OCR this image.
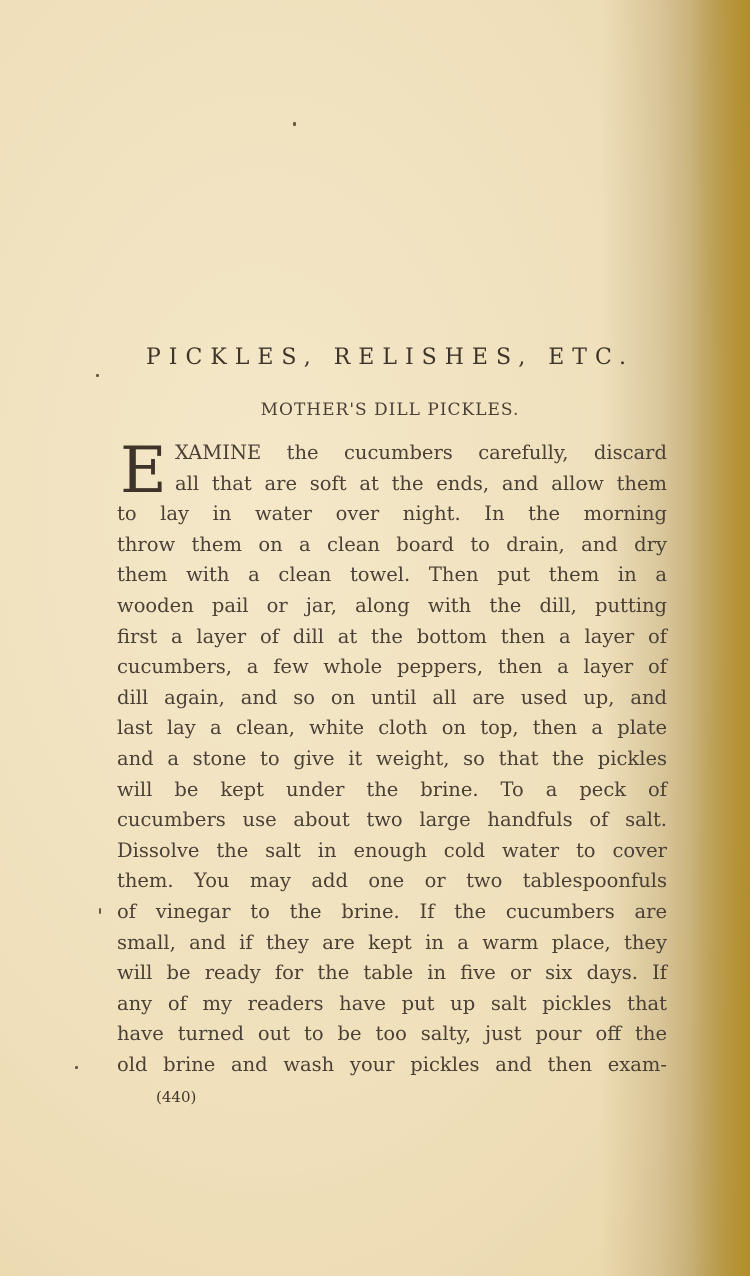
PICKLES, RELISHES, ETC.
MOTHER'S DILL PICKLES.
E XAMINE the cucumbers carefully, discard
all that are soft at the ends, and allow them
to lay in water over night. In the morning
throw them on a clean board to drain, and dry
them with a clean towel. Then put them in a
wooden pail or jar, along with the dill, putting
first a layer of dill at the bottom then a layer of
cucumbers, a few whole peppers, then a layer of
dill again, and so on until all are used up, and
last lay a clean, white cloth on top, then a plate
and a stone to give it weight, so that the pickles
will be kept under the brine. To a peck of
cucumbers use about two large handfuls of salt.
Dissolve the salt in enough cold water to cover
them. You may add one or two tablespoonfuls
of vinegar to the brine. If the cucumbers are
small, and if they are kept in a warm place, they
will be ready for the table in five or six days. If
any of my readers have put up salt pickles that
have turned out to be too salty, just pour off the
old brine and wash your pickles and then exam-
(440)
